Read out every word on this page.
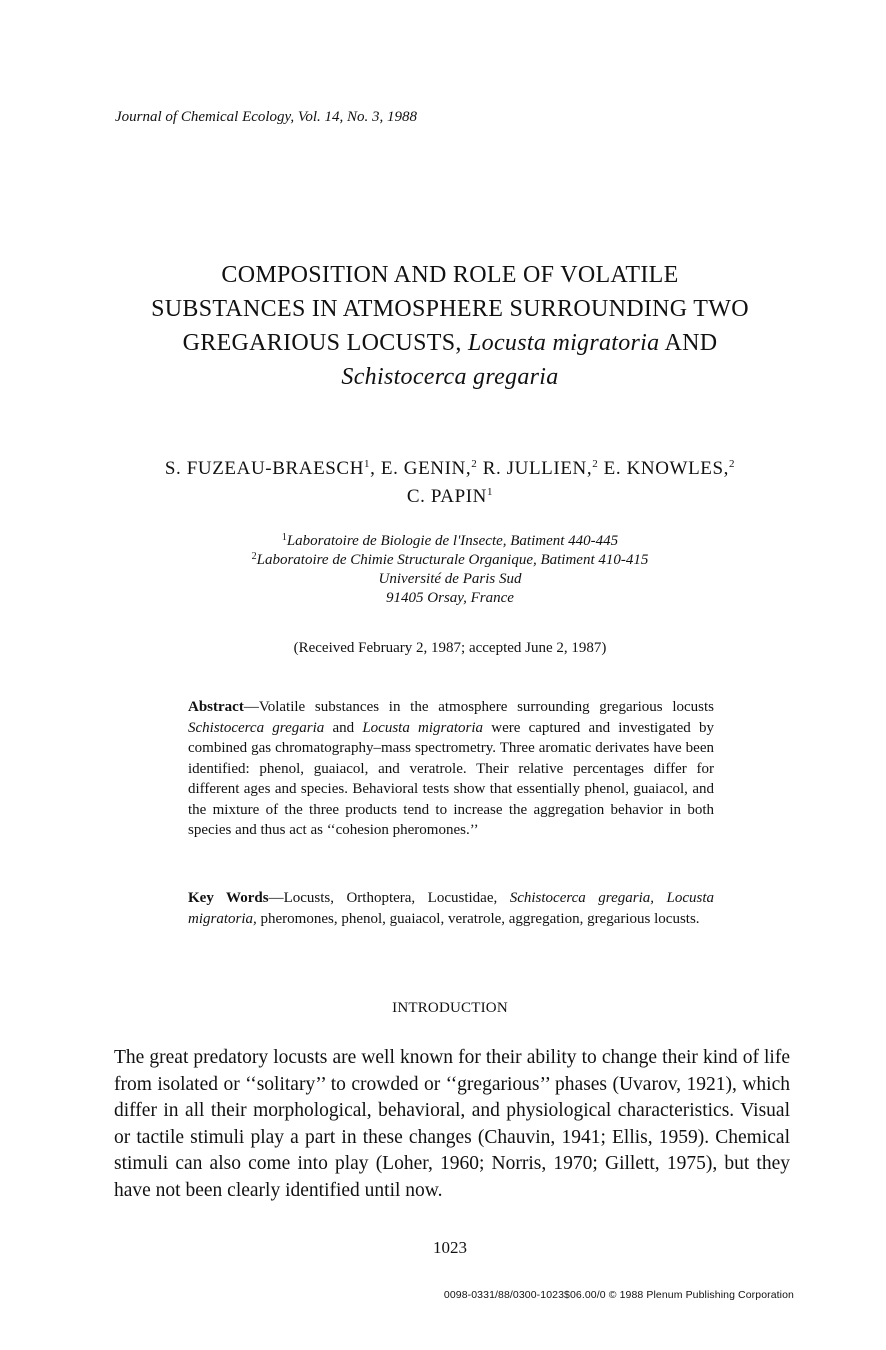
Journal of Chemical Ecology, Vol. 14, No. 3, 1988
COMPOSITION AND ROLE OF VOLATILE
SUBSTANCES IN ATMOSPHERE SURROUNDING TWO
GREGARIOUS LOCUSTS, Locusta migratoria AND
Schistocerca gregaria
S. FUZEAU-BRAESCH$^1$, E. GENIN,$^2$ R. JULLIEN,$^2$ E. KNOWLES,$^2$
C. PAPIN$^1$
$^1$Laboratoire de Biologie de l'Insecte, Batiment 440-445
$^2$Laboratoire de Chimie Structurale Organique, Batiment 410-415
Université de Paris Sud
91405 Orsay, France
(Received February 2, 1987; accepted June 2, 1987)
Abstract—Volatile substances in the atmosphere surrounding gregarious locusts Schistocerca gregaria and Locusta migratoria were captured and investigated by combined gas chromatography–mass spectrometry. Three aromatic derivates have been identified: phenol, guaiacol, and veratrole. Their relative percentages differ for different ages and species. Behavioral tests show that essentially phenol, guaiacol, and the mixture of the three products tend to increase the aggregation behavior in both species and thus act as ‘‘cohesion pheromones.’’
Key Words—Locusts, Orthoptera, Locustidae, Schistocerca gregaria, Locusta migratoria, pheromones, phenol, guaiacol, veratrole, aggregation, gregarious locusts.
INTRODUCTION
The great predatory locusts are well known for their ability to change their kind of life from isolated or ‘‘solitary’’ to crowded or ‘‘gregarious’’ phases (Uvarov, 1921), which differ in all their morphological, behavioral, and physiological characteristics. Visual or tactile stimuli play a part in these changes (Chauvin, 1941; Ellis, 1959). Chemical stimuli can also come into play (Loher, 1960; Norris, 1970; Gillett, 1975), but they have not been clearly identified until now.
1023
0098-0331/88/0300-1023$06.00/0 © 1988 Plenum Publishing Corporation
